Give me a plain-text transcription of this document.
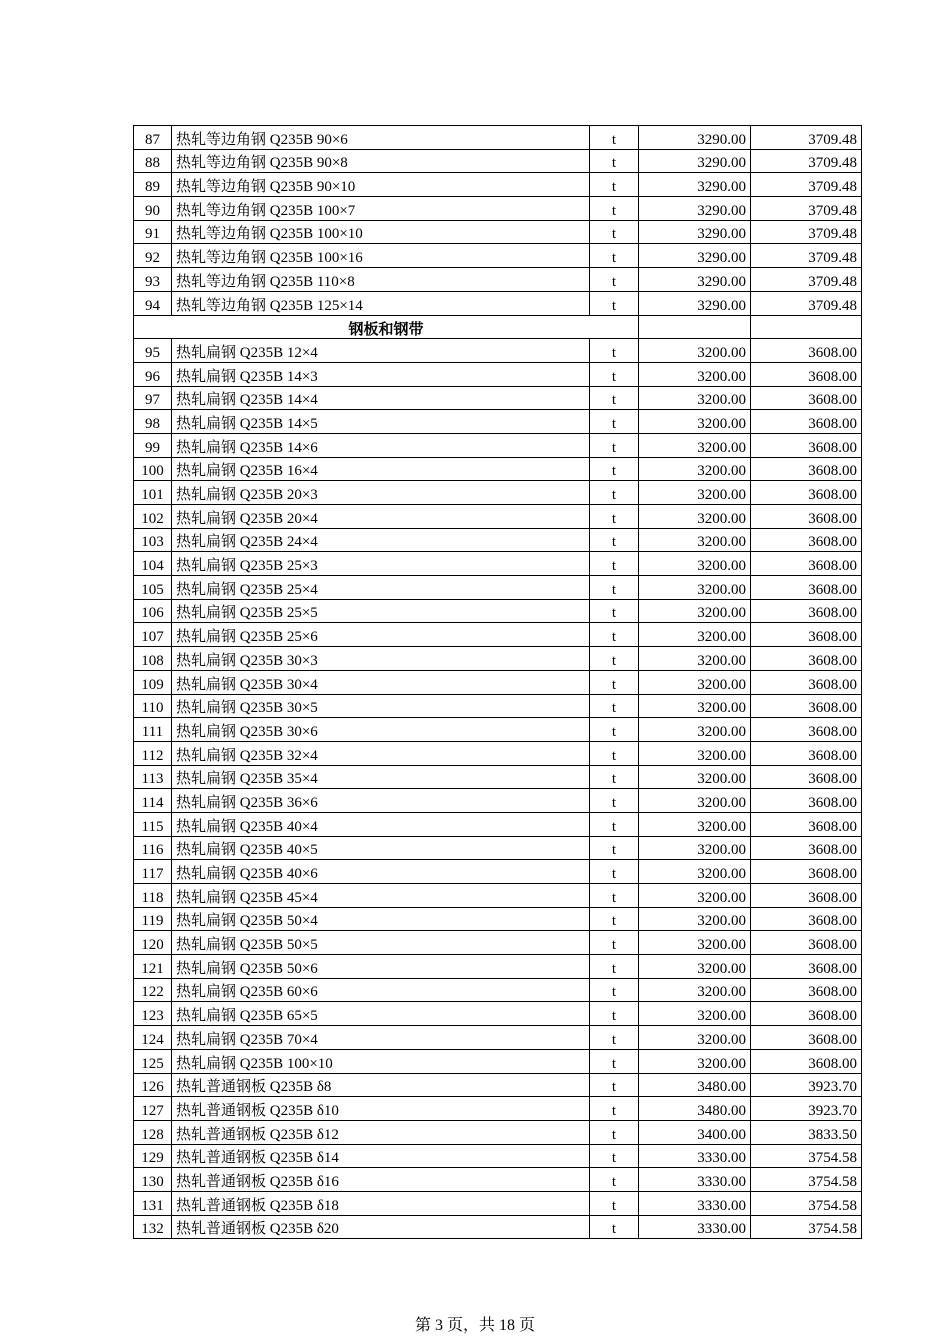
87	热轧等边角钢 Q235B 90×6	t	3290.00	3709.48
88	热轧等边角钢 Q235B 90×8	t	3290.00	3709.48
89	热轧等边角钢 Q235B 90×10	t	3290.00	3709.48
90	热轧等边角钢 Q235B 100×7	t	3290.00	3709.48
91	热轧等边角钢 Q235B 100×10	t	3290.00	3709.48
92	热轧等边角钢 Q235B 100×16	t	3290.00	3709.48
93	热轧等边角钢 Q235B 110×8	t	3290.00	3709.48
94	热轧等边角钢 Q235B 125×14	t	3290.00	3709.48
钢板和钢带				
95	热轧扁钢 Q235B 12×4	t	3200.00	3608.00
96	热轧扁钢 Q235B 14×3	t	3200.00	3608.00
97	热轧扁钢 Q235B 14×4	t	3200.00	3608.00
98	热轧扁钢 Q235B 14×5	t	3200.00	3608.00
99	热轧扁钢 Q235B 14×6	t	3200.00	3608.00
100	热轧扁钢 Q235B 16×4	t	3200.00	3608.00
101	热轧扁钢 Q235B 20×3	t	3200.00	3608.00
102	热轧扁钢 Q235B 20×4	t	3200.00	3608.00
103	热轧扁钢 Q235B 24×4	t	3200.00	3608.00
104	热轧扁钢 Q235B 25×3	t	3200.00	3608.00
105	热轧扁钢 Q235B 25×4	t	3200.00	3608.00
106	热轧扁钢 Q235B 25×5	t	3200.00	3608.00
107	热轧扁钢 Q235B 25×6	t	3200.00	3608.00
108	热轧扁钢 Q235B 30×3	t	3200.00	3608.00
109	热轧扁钢 Q235B 30×4	t	3200.00	3608.00
110	热轧扁钢 Q235B 30×5	t	3200.00	3608.00
111	热轧扁钢 Q235B 30×6	t	3200.00	3608.00
112	热轧扁钢 Q235B 32×4	t	3200.00	3608.00
113	热轧扁钢 Q235B 35×4	t	3200.00	3608.00
114	热轧扁钢 Q235B 36×6	t	3200.00	3608.00
115	热轧扁钢 Q235B 40×4	t	3200.00	3608.00
116	热轧扁钢 Q235B 40×5	t	3200.00	3608.00
117	热轧扁钢 Q235B 40×6	t	3200.00	3608.00
118	热轧扁钢 Q235B 45×4	t	3200.00	3608.00
119	热轧扁钢 Q235B 50×4	t	3200.00	3608.00
120	热轧扁钢 Q235B 50×5	t	3200.00	3608.00
121	热轧扁钢 Q235B 50×6	t	3200.00	3608.00
122	热轧扁钢 Q235B 60×6	t	3200.00	3608.00
123	热轧扁钢 Q235B 65×5	t	3200.00	3608.00
124	热轧扁钢 Q235B 70×4	t	3200.00	3608.00
125	热轧扁钢 Q235B 100×10	t	3200.00	3608.00
126	热轧普通钢板 Q235B δ8	t	3480.00	3923.70
127	热轧普通钢板 Q235B δ10	t	3480.00	3923.70
128	热轧普通钢板 Q235B δ12	t	3400.00	3833.50
129	热轧普通钢板 Q235B δ14	t	3330.00	3754.58
130	热轧普通钢板 Q235B δ16	t	3330.00	3754.58
131	热轧普通钢板 Q235B δ18	t	3330.00	3754.58
132	热轧普通钢板 Q235B δ20	t	3330.00	3754.58
第 3 页，共 18 页
